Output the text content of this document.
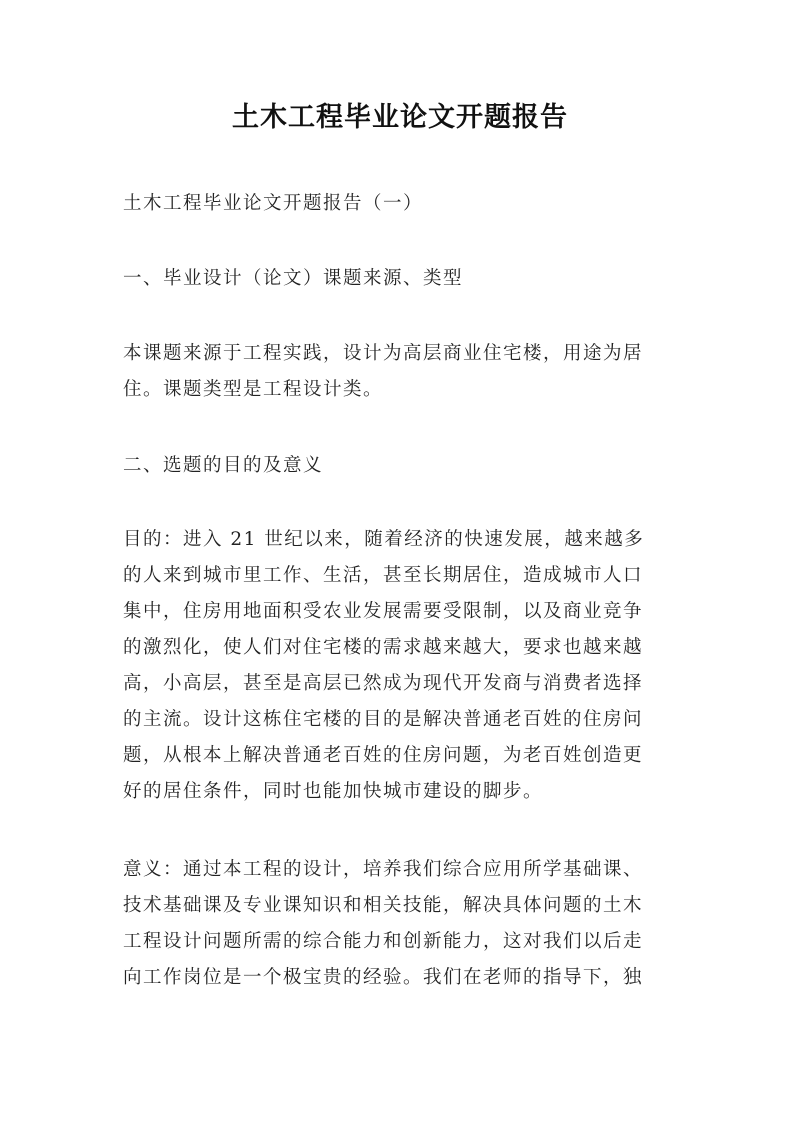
土木工程毕业论文开题报告

土木工程毕业论文开题报告（一）

一、毕业设计（论文）课题来源、类型

本课题来源于工程实践，设计为高层商业住宅楼，用途为居
住。课题类型是工程设计类。

二、选题的目的及意义

目的：进入 21 世纪以来，随着经济的快速发展，越来越多
的人来到城市里工作、生活，甚至长期居住，造成城市人口
集中，住房用地面积受农业发展需要受限制，以及商业竞争
的激烈化，使人们对住宅楼的需求越来越大，要求也越来越
高，小高层，甚至是高层已然成为现代开发商与消费者选择
的主流。设计这栋住宅楼的目的是解决普通老百姓的住房问
题，从根本上解决普通老百姓的住房问题，为老百姓创造更
好的居住条件，同时也能加快城市建设的脚步。

意义：通过本工程的设计，培养我们综合应用所学基础课、
技术基础课及专业课知识和相关技能，解决具体问题的土木
工程设计问题所需的综合能力和创新能力，这对我们以后走
向工作岗位是一个极宝贵的经验。我们在老师的指导下，独
